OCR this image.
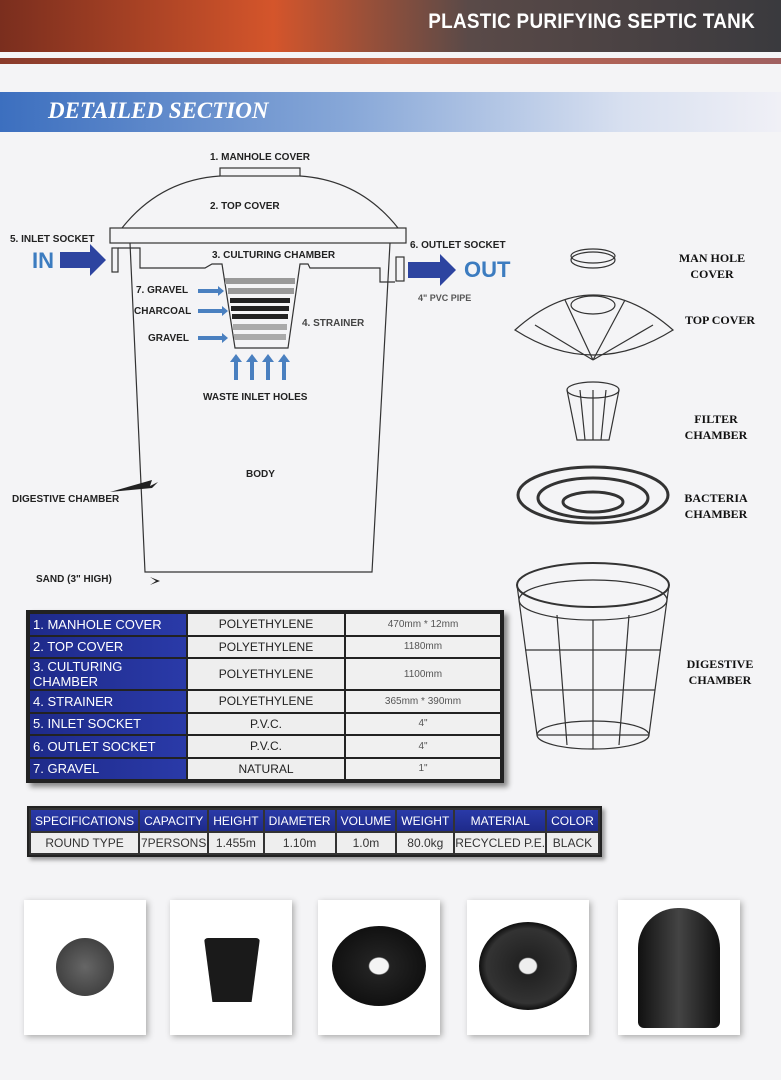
PLASTIC PURIFYING SEPTIC TANK
DETAILED SECTION
1. MANHOLE COVER
2. TOP COVER
5. INLET SOCKET
IN	3. CULTURING CHAMBER
6. OUTLET SOCKET
OUT
4" PVC PIPE
7. GRAVEL
CHARCOAL
GRAVEL
4. STRAINER
WASTE INLET HOLES
BODY
DIGESTIVE CHAMBER
SAND (3" HIGH)
MAN HOLE COVER
TOP COVER
FILTER CHAMBER
BACTERIA CHAMBER
DIGESTIVE CHAMBER
1. MANHOLE COVER	POLYETHYLENE	470mm * 12mm
2. TOP COVER	POLYETHYLENE	1180mm
3. CULTURING CHAMBER	POLYETHYLENE	1100mm
4. STRAINER	POLYETHYLENE	365mm * 390mm
5. INLET SOCKET	P.V.C.	4"
6. OUTLET SOCKET	P.V.C.	4"
7. GRAVEL	NATURAL	1"
SPECIFICATIONS	CAPACITY	HEIGHT	DIAMETER	VOLUME	WEIGHT	MATERIAL	COLOR
ROUND TYPE	7PERSONS	1.455m	1.10m	1.0m	80.0kg	RECYCLED P.E.	BLACK
